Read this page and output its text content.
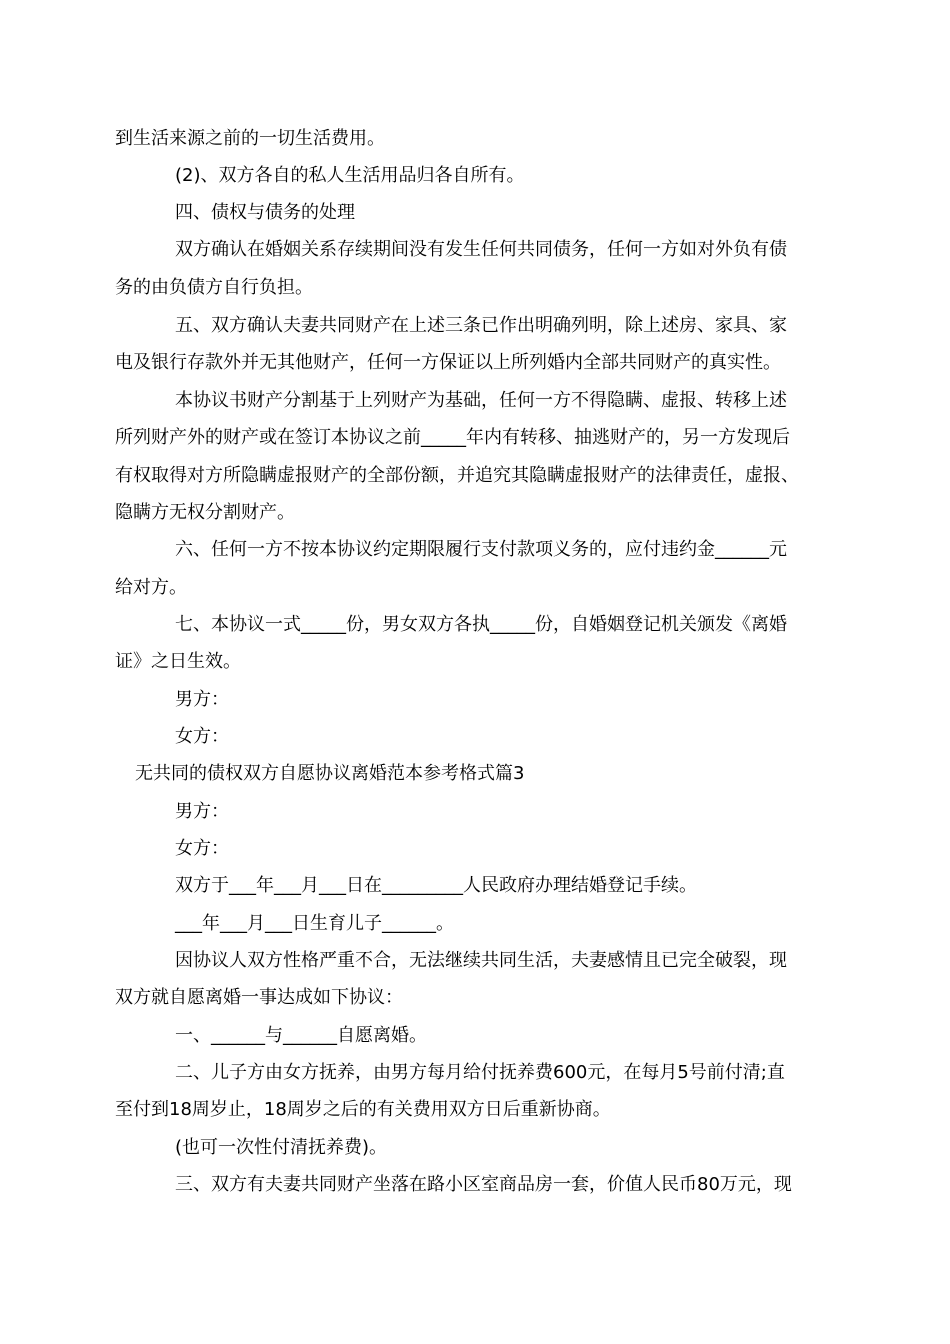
到生活来源之前的一切生活费用。
(2)、双方各自的私人生活用品归各自所有。
四、债权与债务的处理
双方确认在婚姻关系存续期间没有发生任何共同债务，任何一方如对外负有债
务的由负债方自行负担。
五、双方确认夫妻共同财产在上述三条已作出明确列明，除上述房、家具、家
电及银行存款外并无其他财产，任何一方保证以上所列婚内全部共同财产的真实性。
本协议书财产分割基于上列财产为基础，任何一方不得隐瞒、虚报、转移上述
所列财产外的财产或在签订本协议之前_____年内有转移、抽逃财产的，另一方发现后
有权取得对方所隐瞒虚报财产的全部份额，并追究其隐瞒虚报财产的法律责任，虚报、
隐瞒方无权分割财产。
六、任何一方不按本协议约定期限履行支付款项义务的，应付违约金______元
给对方。
七、本协议一式_____份，男女双方各执_____份，自婚姻登记机关颁发《离婚
证》之日生效。
男方：
女方：
无共同的债权双方自愿协议离婚范本参考格式篇3
男方：
女方：
双方于___年___月___日在_________人民政府办理结婚登记手续。
___年___月___日生育儿子______。
因协议人双方性格严重不合，无法继续共同生活，夫妻感情且已完全破裂，现
双方就自愿离婚一事达成如下协议：
一、______与______自愿离婚。
二、儿子方由女方抚养，由男方每月给付抚养费600元，在每月5号前付清;直
至付到18周岁止，18周岁之后的有关费用双方日后重新协商。
(也可一次性付清抚养费)。
三、双方有夫妻共同财产坐落在路小区室商品房一套，价值人民币80万元，现
